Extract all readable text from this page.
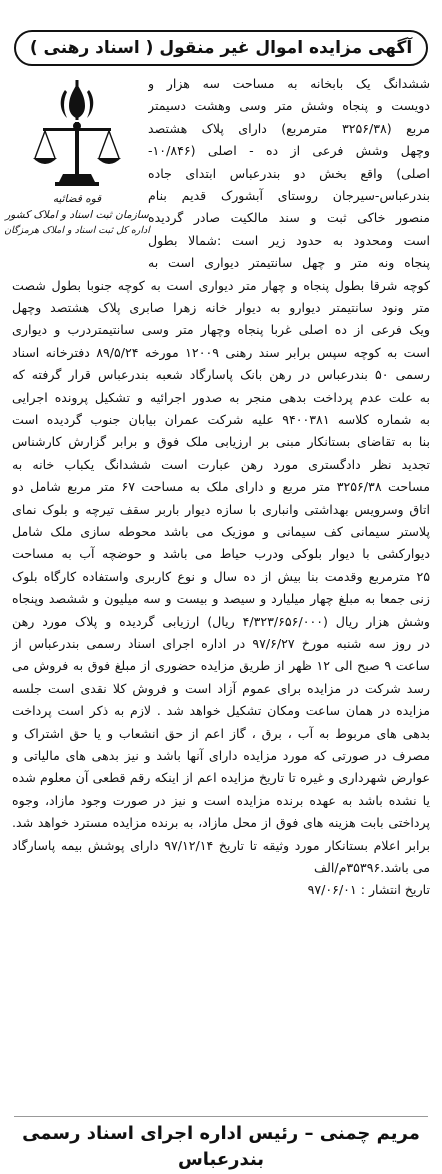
آگهی مزایده اموال غیر منقول ( اسناد رهنی )
قوه قضائیه
سازمان ثبت اسناد و املاک کشور
اداره کل ثبت اسناد و املاک هرمزگان
ششدانگ یک بابخانه به مساحت سه هزار و
دویست و پنجاه وشش متر وسی وهشت دسیمتر
مربع (۳۲۵۶/۳۸ مترمربع) دارای پلاک هشتصد
وچهل وشش فرعی از ده - اصلی (۱۰/۸۴۶-
اصلی) واقع بخش دو بندرعباس ابتدای جاده
بندرعباس-سیرجان روستای آبشورک قدیم بنام
منصور خاکی ثبت و سند مالکیت صادر گردیده
است ومحدود به حدود زیر است :شمالا بطول
پنجاه ونه متر و چهل سانتیمتر دیواری است به
کوچه شرقا بطول پنجاه و چهار متر دیواری است به کوچه جنوبا بطول شصت
متر ونود سانتیمتر دیوارو به دیوار خانه زهرا صابری پلاک هشتصد وچهل
ویک فرعی از ده اصلی غربا پنجاه وچهار متر وسی سانتیمتردرب و دیواری
است به کوچه سپس برابر سند رهنی ۱۲۰۰۹ مورخه ۸۹/۵/۲۴ دفترخانه اسناد
رسمی ۵۰ بندرعباس در رهن بانک پاسارگاد شعبه بندرعباس قرار گرفته که
به علت عدم پرداخت بدهی منجر به صدور اجرائیه و تشکیل پرونده اجرایی
به شماره کلاسه ۹۴۰۰۳۸۱ علیه شرکت عمران بیابان جنوب گردیده است
بنا به تقاضای بستانکار مبنی بر ارزیابی ملک فوق و برابر گزارش کارشناس
تجدید نظر دادگستری مورد رهن عبارت است ششدانگ یکباب خانه به
مساحت ۳۲۵۶/۳۸ متر مربع و دارای ملک به مساحت ۶۷ متر مربع شامل دو
اتاق وسرویس بهداشتی وانباری با سازه دیوار باربر سقف تیرچه و بلوک نمای
پلاستر سیمانی کف سیمانی و موزیک می باشد محوطه سازی ملک شامل
دیوارکشی با دیوار بلوکی ودرب حیاط می باشد و حوضچه آب به مساحت
۲۵ مترمربع وقدمت بنا بیش از ده سال و نوع کاربری واستفاده کارگاه بلوک
زنی جمعا به مبلغ چهار میلیارد و سیصد و بیست و سه میلیون و ششصد وپنجاه
وشش هزار ریال (۴/۳۲۳/۶۵۶/۰۰۰ ریال) ارزیابی گردیده و پلاک مورد رهن
در روز سه شنبه مورخ ۹۷/۶/۲۷ در اداره اجرای اسناد رسمی بندرعباس از
ساعت ۹ صبح الی ۱۲ ظهر از طریق مزایده حضوری از مبلغ فوق به فروش می
رسد شرکت در مزایده برای عموم آزاد است و فروش کلا نقدی است جلسه
مزایده در همان ساعت ومکان تشکیل خواهد شد . لازم به ذکر است پرداخت
بدهی های مربوط به آب ، برق ، گاز اعم از حق انشعاب و یا حق اشتراک و
مصرف در صورتی که مورد مزایده دارای آنها باشد و نیز بدهی های مالیاتی و
عوارض شهرداری و غیره تا تاریخ مزایده اعم از اینکه رقم قطعی آن معلوم شده
یا نشده باشد به عهده برنده مزایده است و نیز در صورت وجود مازاد، وجوه
پرداختی بابت هزینه های فوق از محل مازاد، به برنده مزایده مسترد خواهد شد.
برابر اعلام بستانکار مورد وثیقه تا تاریخ ۹۷/۱۲/۱۴ دارای پوشش بیمه پاسارگاد
می باشد.۳۵۳۹۶م/الف
تاریخ انتشار : ۹۷/۰۶/۰۱
مریم چمنی – رئیس اداره اجرای اسناد رسمی
بندرعباس
